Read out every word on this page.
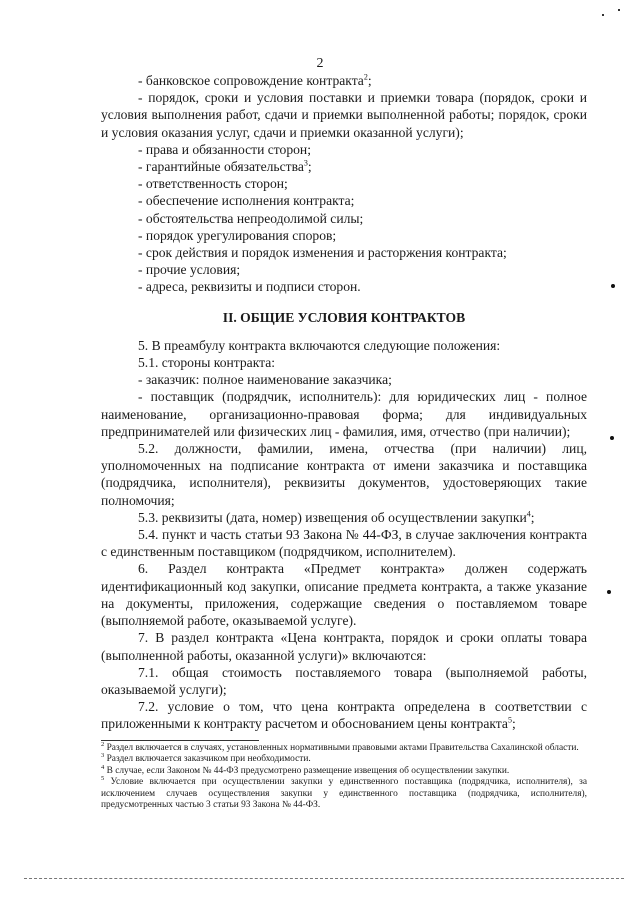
2

- банковское сопровождение контракта$^2$;

- порядок, сроки и условия поставки и приемки товара (порядок, сроки и условия выполнения работ, сдачи и приемки выполненной работы; порядок, сроки и условия оказания услуг, сдачи и приемки оказанной услуги);

- права и обязанности сторон;

- гарантийные обязательства$^3$;

- ответственность сторон;

- обеспечение исполнения контракта;

- обстоятельства непреодолимой силы;

- порядок урегулирования споров;

- срок действия и порядок изменения и расторжения контракта;

- прочие условия;

- адреса, реквизиты и подписи сторон.

II. ОБЩИЕ УСЛОВИЯ КОНТРАКТОВ

5. В преамбулу контракта включаются следующие положения:

5.1. стороны контракта:

- заказчик: полное наименование заказчика;

- поставщик (подрядчик, исполнитель): для юридических лиц - полное наименование, организационно-правовая форма; для индивидуальных предпринимателей или физических лиц - фамилия, имя, отчество (при наличии);

5.2. должности, фамилии, имена, отчества (при наличии) лиц, уполномоченных на подписание контракта от имени заказчика и поставщика (подрядчика, исполнителя), реквизиты документов, удостоверяющих такие полномочия;

5.3. реквизиты (дата, номер) извещения об осуществлении закупки$^4$;

5.4. пункт и часть статьи 93 Закона № 44-ФЗ, в случае заключения контракта с единственным поставщиком (подрядчиком, исполнителем).

6. Раздел контракта «Предмет контракта» должен содержать идентификационный код закупки, описание предмета контракта, а также указание на документы, приложения, содержащие сведения о поставляемом товаре (выполняемой работе, оказываемой услуге).

7. В раздел контракта «Цена контракта, порядок и сроки оплаты товара (выполненной работы, оказанной услуги)» включаются:

7.1. общая стоимость поставляемого товара (выполняемой работы, оказываемой услуги);

7.2. условие о том, что цена контракта определена в соответствии с приложенными к контракту расчетом и обоснованием цены контракта$^5$;

$^2$ Раздел включается в случаях, установленных нормативными правовыми актами Правительства Сахалинской области.

$^3$ Раздел включается заказчиком при необходимости.

$^4$ В случае, если Законом № 44-ФЗ предусмотрено размещение извещения об осуществлении закупки.

$^5$ Условие включается при осуществлении закупки у единственного поставщика (подрядчика, исполнителя), за исключением случаев осуществления закупки у единственного поставщика (подрядчика, исполнителя), предусмотренных частью 3 статьи 93 Закона № 44-ФЗ.
